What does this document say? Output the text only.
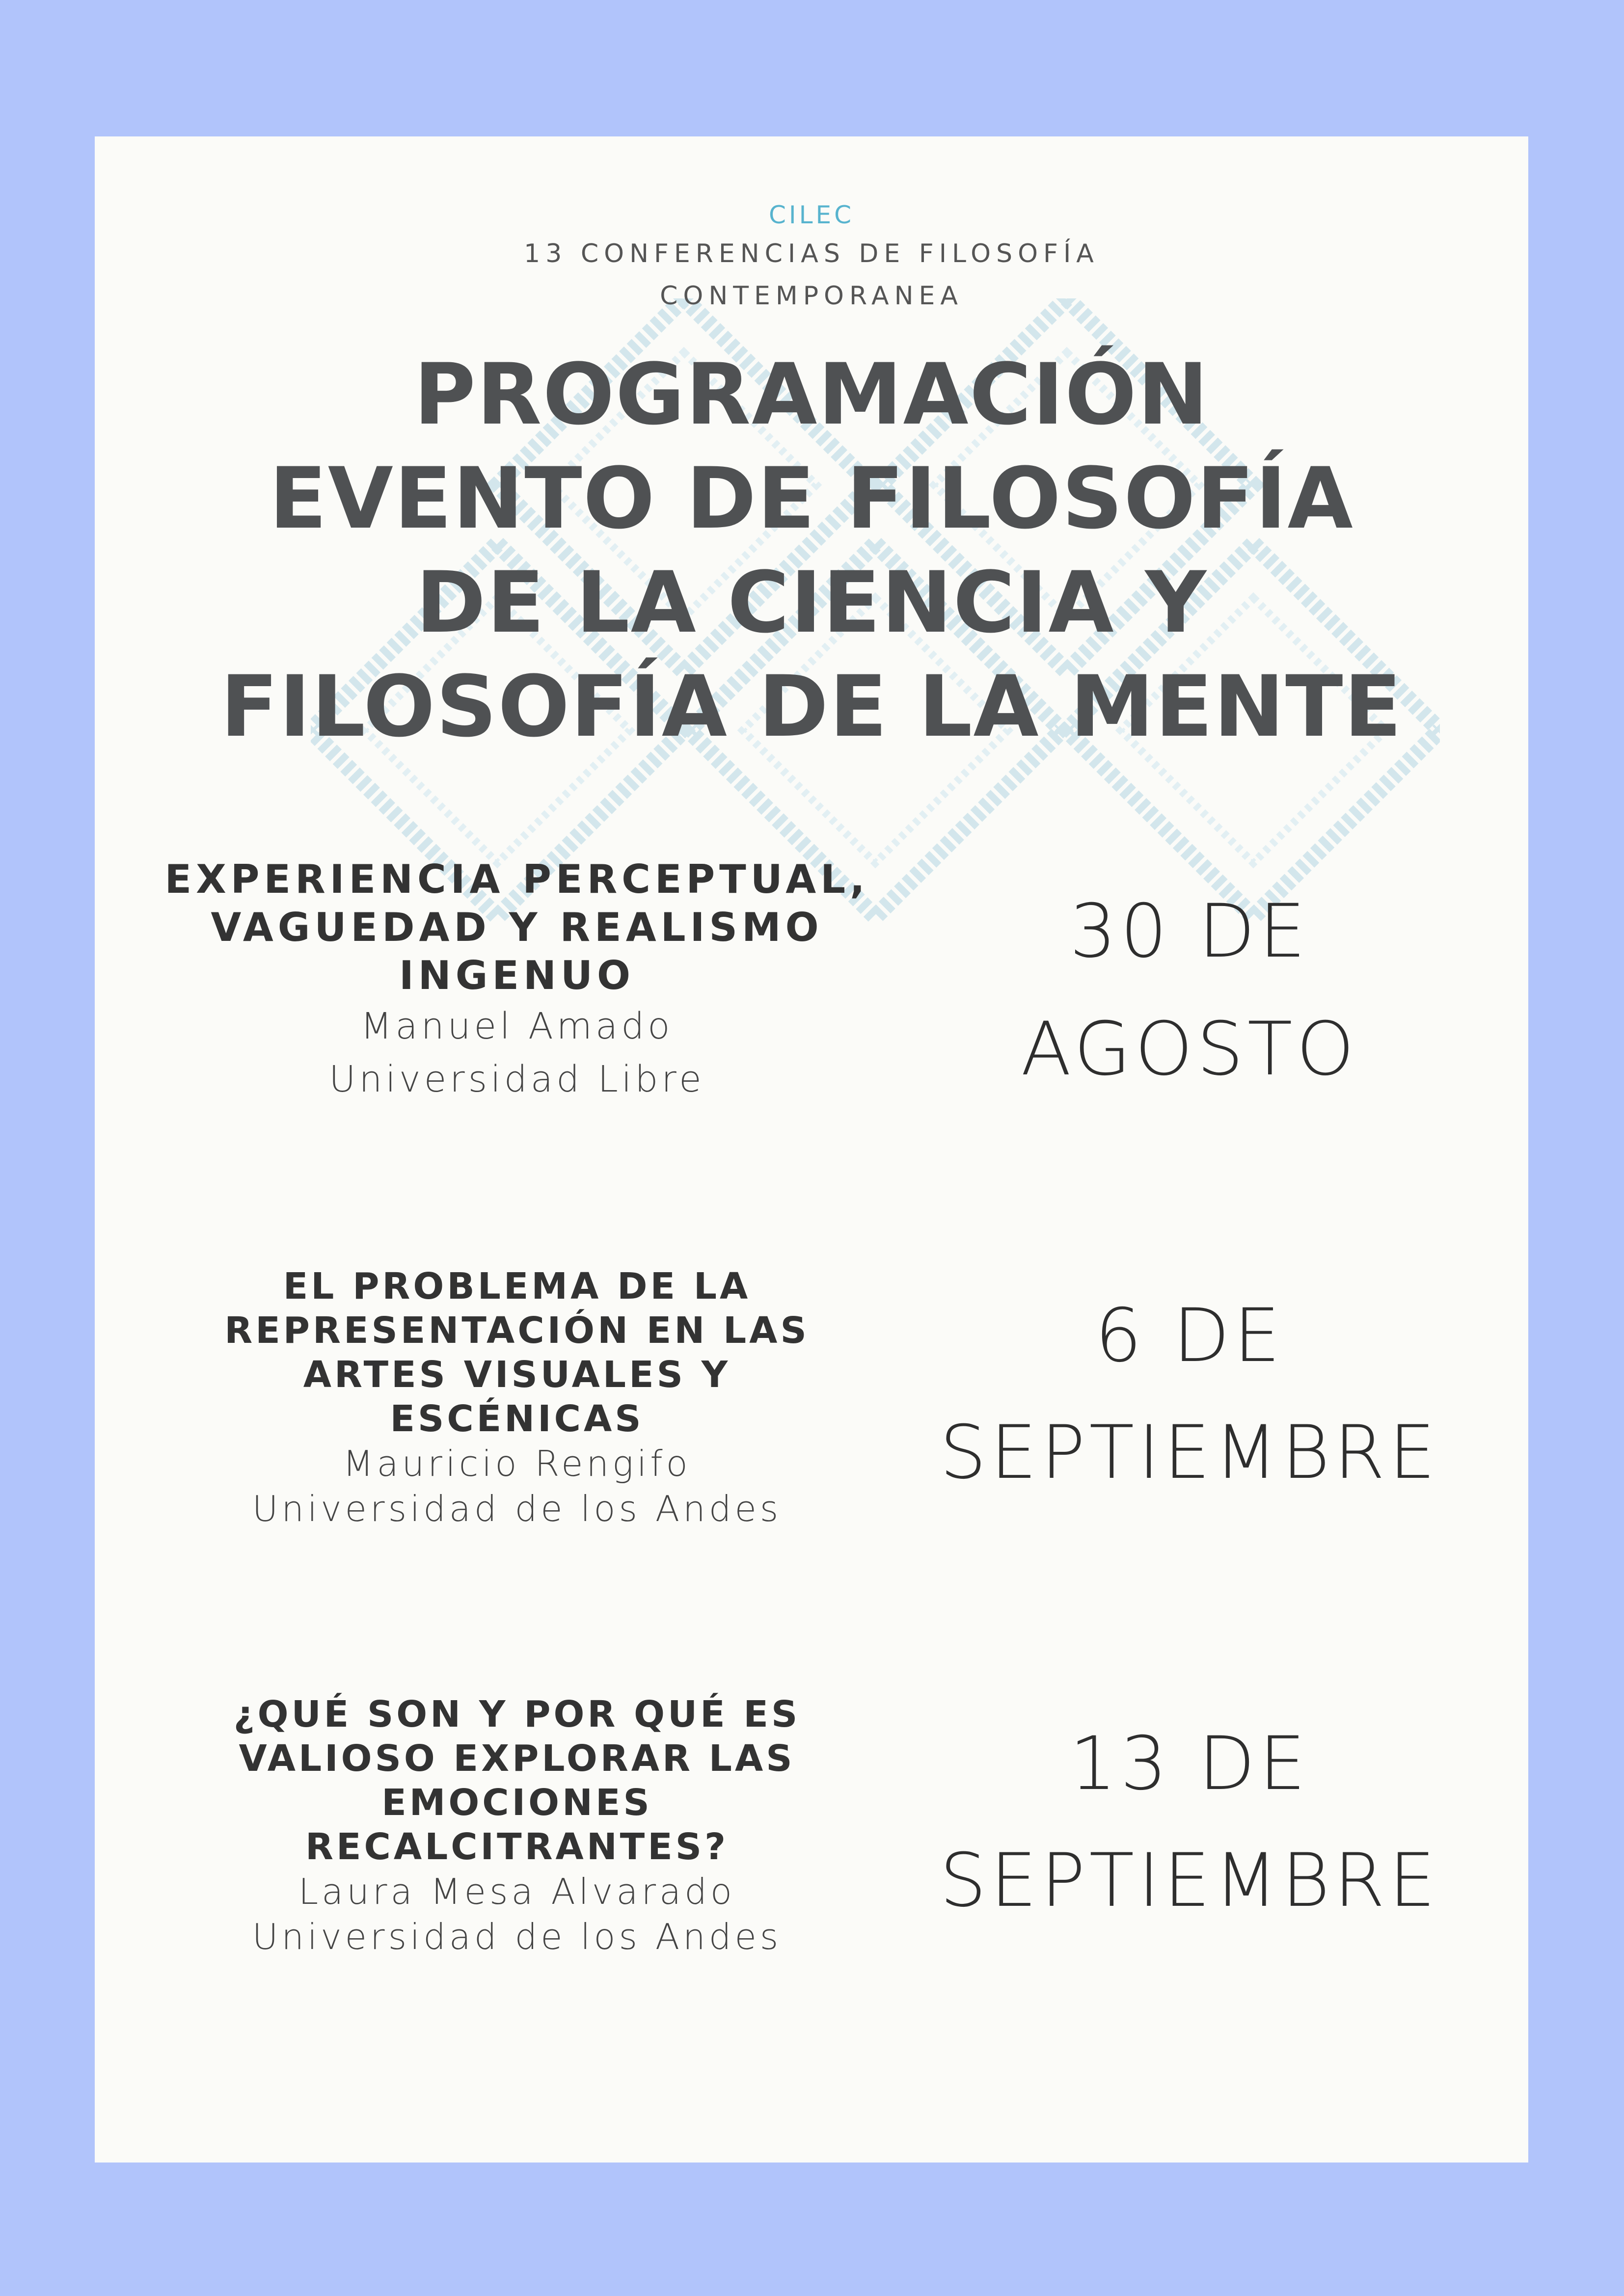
CILEC

13 CONFERENCIAS DE FILOSOFÍA
CONTEMPORANEA
PROGRAMACIÓN
EVENTO DE FILOSOFÍA
DE LA CIENCIA Y
FILOSOFÍA DE LA MENTE

EXPERIENCIA PERCEPTUAL,
VAGUEDAD Y REALISMO
INGENUO

Manuel Amado

Universidad Libre

30 DE
AGOSTO

EL PROBLEMA DE LA
REPRESENTACIÓN EN LAS
ARTES VISUALES Y
ESCÉNICAS

Mauricio Rengifo

Universidad de los Andes

6 DE
SEPTIEMBRE

¿QUÉ SON Y POR QUÉ ES
VALIOSO EXPLORAR LAS
EMOCIONES
RECALCITRANTES?

Laura Mesa Alvarado

Universidad de los Andes

13 DE
SEPTIEMBRE
